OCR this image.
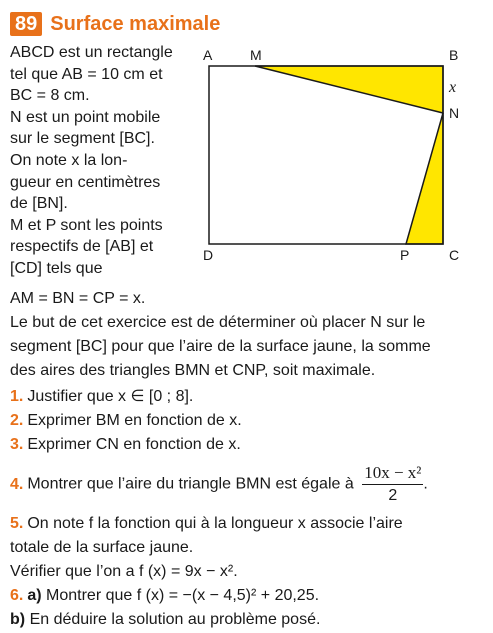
89 Surface maximale

ABCD est un rectangle

tel que AB = 10 cm et

BC = 8 cm.

N est un point mobile

sur le segment [BC].

On note x la lon-

gueur en centimètres

de [BN].

M et P sont les points

respectifs de [AB] et

[CD] tels que

AM = BN = CP = x.
A	M	B
x
N
D	P	C

Le but de cet exercice est de déterminer où placer N sur le

segment [BC] pour que l’aire de la surface jaune, la somme

des aires des triangles BMN et CNP, soit maximale.

1. Justifier que x ∈ [0 ; 8].

2. Exprimer BM en fonction de x.

3. Exprimer CN en fonction de x.

4. Montrer que l’aire du triangle BMN est égale à $\frac{\text{10x − x²}}{2}$ .

5. On note f la fonction qui à la longueur x associe l’aire

totale de la surface jaune.

Vérifier que l’on a f (x) = 9x − x².

6. a) Montrer que f (x) = −(x − 4,5)² + 20,25.

b) En déduire la solution au problème posé.
